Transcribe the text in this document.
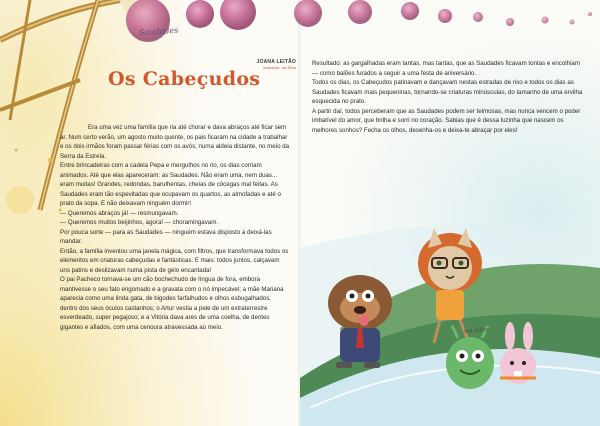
Saudades
JOANA LEITÃO
Ilustração: Isa Silva
Os Cabeçudos

Era uma vez uma família que ria até chorar e dava abraços até ficar sem ar. Num certo verão, um agosto muito quente, os pais ficaram na cidade a trabalhar e os dois irmãos foram passar férias com os avós, numa aldeia distante, no meio da Serra da Estrela.

Entre brincadeiras com a cadela Pepa e mergulhos no rio, os dias corriam animados. Até que elas apareceram: as Saudades. Não eram uma, nem duas... eram muitas! Grandes, redondas, barulhentas, cheias de cócegas mal feitas. As Saudades eram tão espevitadas que ocupavam os quartos, as almofadas e até o prato da sopa. E não deixavam ninguém dormir!

— Queremos abraços já! — resmungavam.

— Queremos muitos beijinhos, agora! — choramingavam.

Por pouca sorte — para as Saudades — ninguém estava disposto a deixá-las mandar.

Então, a família inventou uma janela mágica, com filtros, que transformava todos os elementos em criaturas cabeçudas e fantásticas. E mais: todos juntos, calçavam uns patins e deslizavam numa pista de gelo encantada!

O pai Pacheco tornava-se um cão bochechudo de língua de fora, embora mantivesse o seu fato engomado e a gravata com o nó impecável; a mãe Mariana aparecia como uma linda gata, de bigodes farfalhudos e olhos esbugalhados, dentro dos seus óculos castanhos; o Artur vestia a pele de um extraterrestre esverdeado, super pegajoso; e a Vitória dava ares de uma coelha, de dentes gigantes e afiados, com uma cenoura atravessada ao meio.

Resultado: as gargalhadas eram tantas, mas tantas, que as Saudades ficavam tontas e encolhiam — como balões furados a seguir a uma festa de aniversário.

Todos os dias, os Cabeçudos patinavam e dançavam nestas estradas de riso e todos os dias as Saudades ficavam mais pequeninas, tornando-se criaturas minúsculas, do tamanho de uma ervilha esquecida no prato.

A partir daí, todos perceberam que as Saudades podem ser teimosas, mas nunca vencem o poder imbatível do amor, que brilha e sorri no coração. Sabias que é dessa luzinha que nascem os melhores sonhos? Fecha os olhos, desenha-os e deixa-te abraçar por eles!

isa silva
